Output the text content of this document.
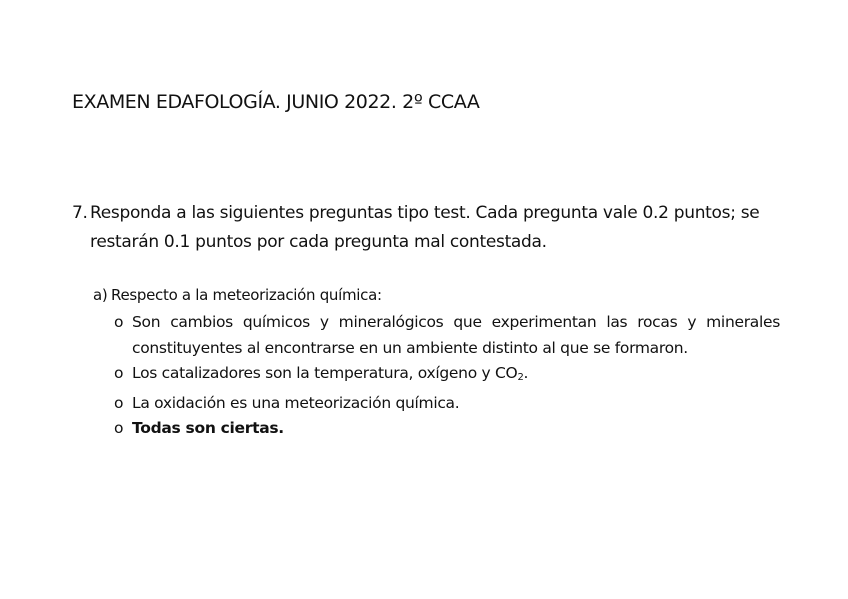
EXAMEN EDAFOLOGÍA. JUNIO 2022. 2º CCAA
7. Responda a las siguientes preguntas tipo test. Cada pregunta vale 0.2 puntos; se restarán 0.1 puntos por cada pregunta mal contestada.
a) Respecto a la meteorización química:
o Son cambios químicos y mineralógicos que experimentan las rocas y minerales constituyentes al encontrarse en un ambiente distinto al que se formaron.
o Los catalizadores son la temperatura, oxígeno y $CO_2$.
o La oxidación es una meteorización química.
o Todas son ciertas.
